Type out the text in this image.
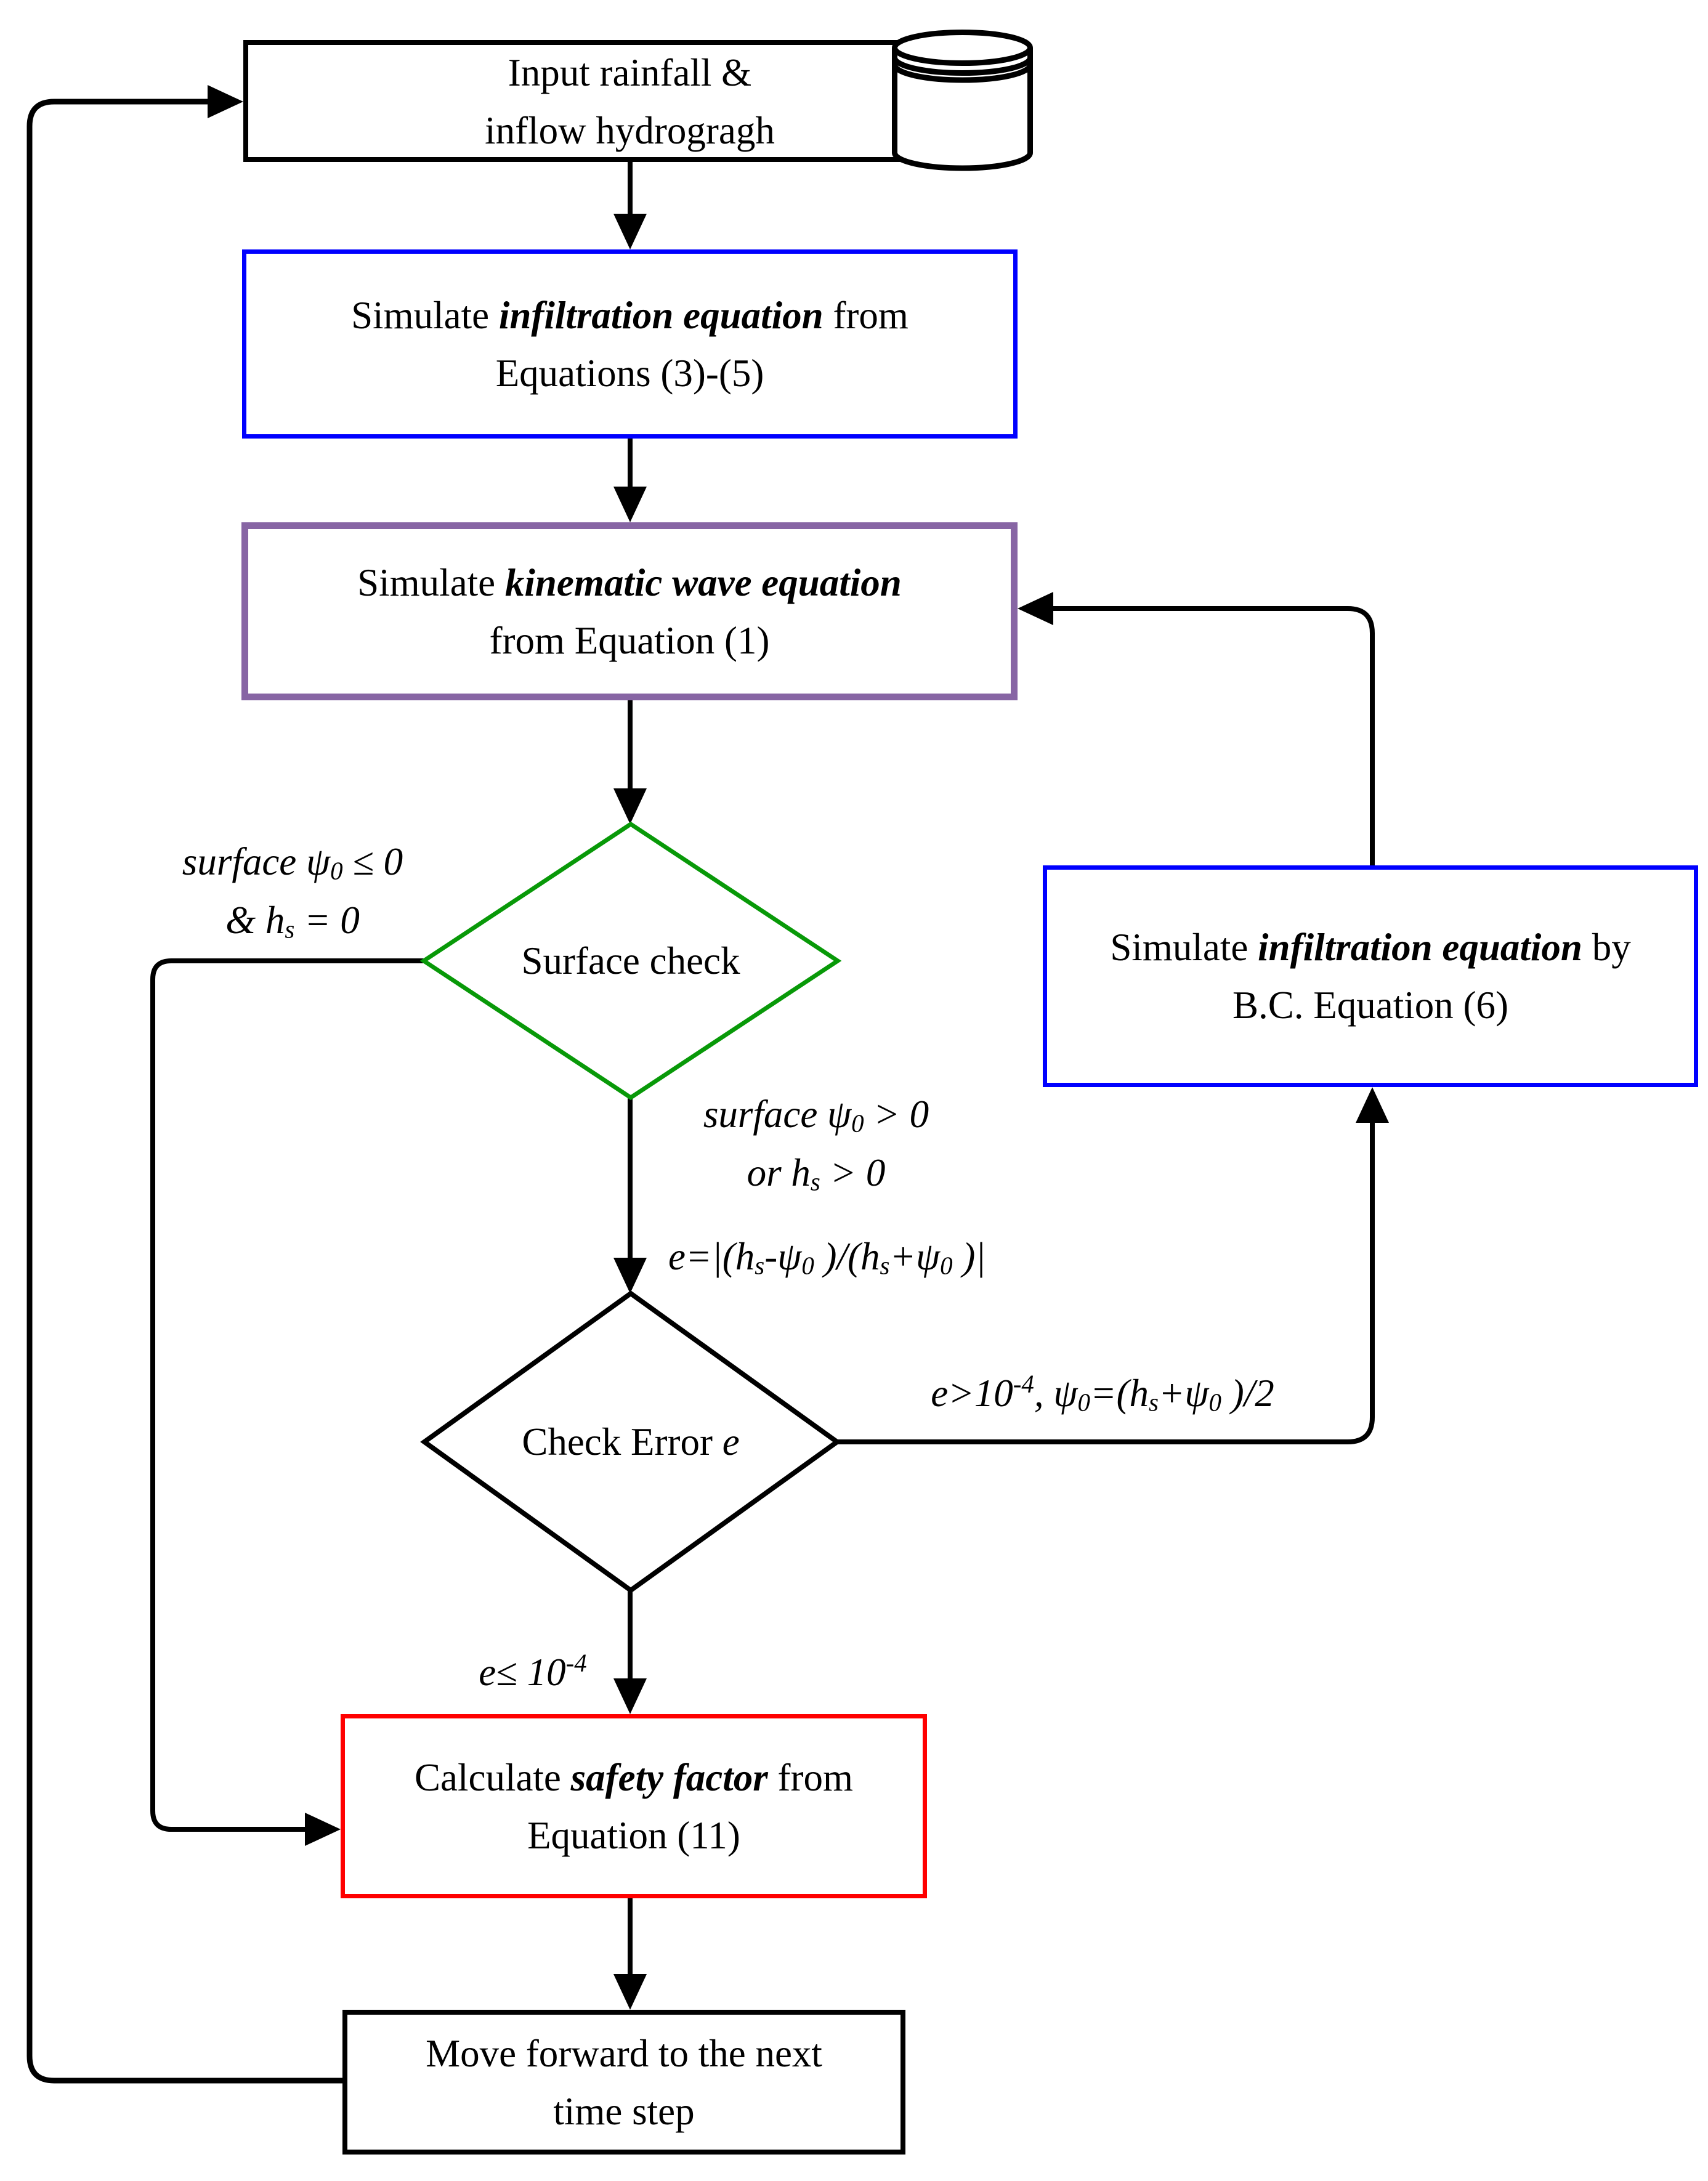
Input rainfall &
inflow hydrogragh
Simulate infiltration equation from
Equations (3)-(5)
Simulate kinematic wave equation
from Equation (1)
Surface check	Simulate infiltration equation by
B.C. Equation (6)
Check Error e
Calculate safety factor from
Equation (11)
Move forward to the next
time step
surface $\psi_0 \le 0$
& $h_s = 0$
surface $\psi_0 > 0$
or $h_s > 0$
$e=|(h_s-\psi_0$ )$/(h_s+\psi_0$ )|
$e>10^{-4}$, $\psi_0=(h_s+\psi_0$ )/2
$e\le 10^{-4}$
